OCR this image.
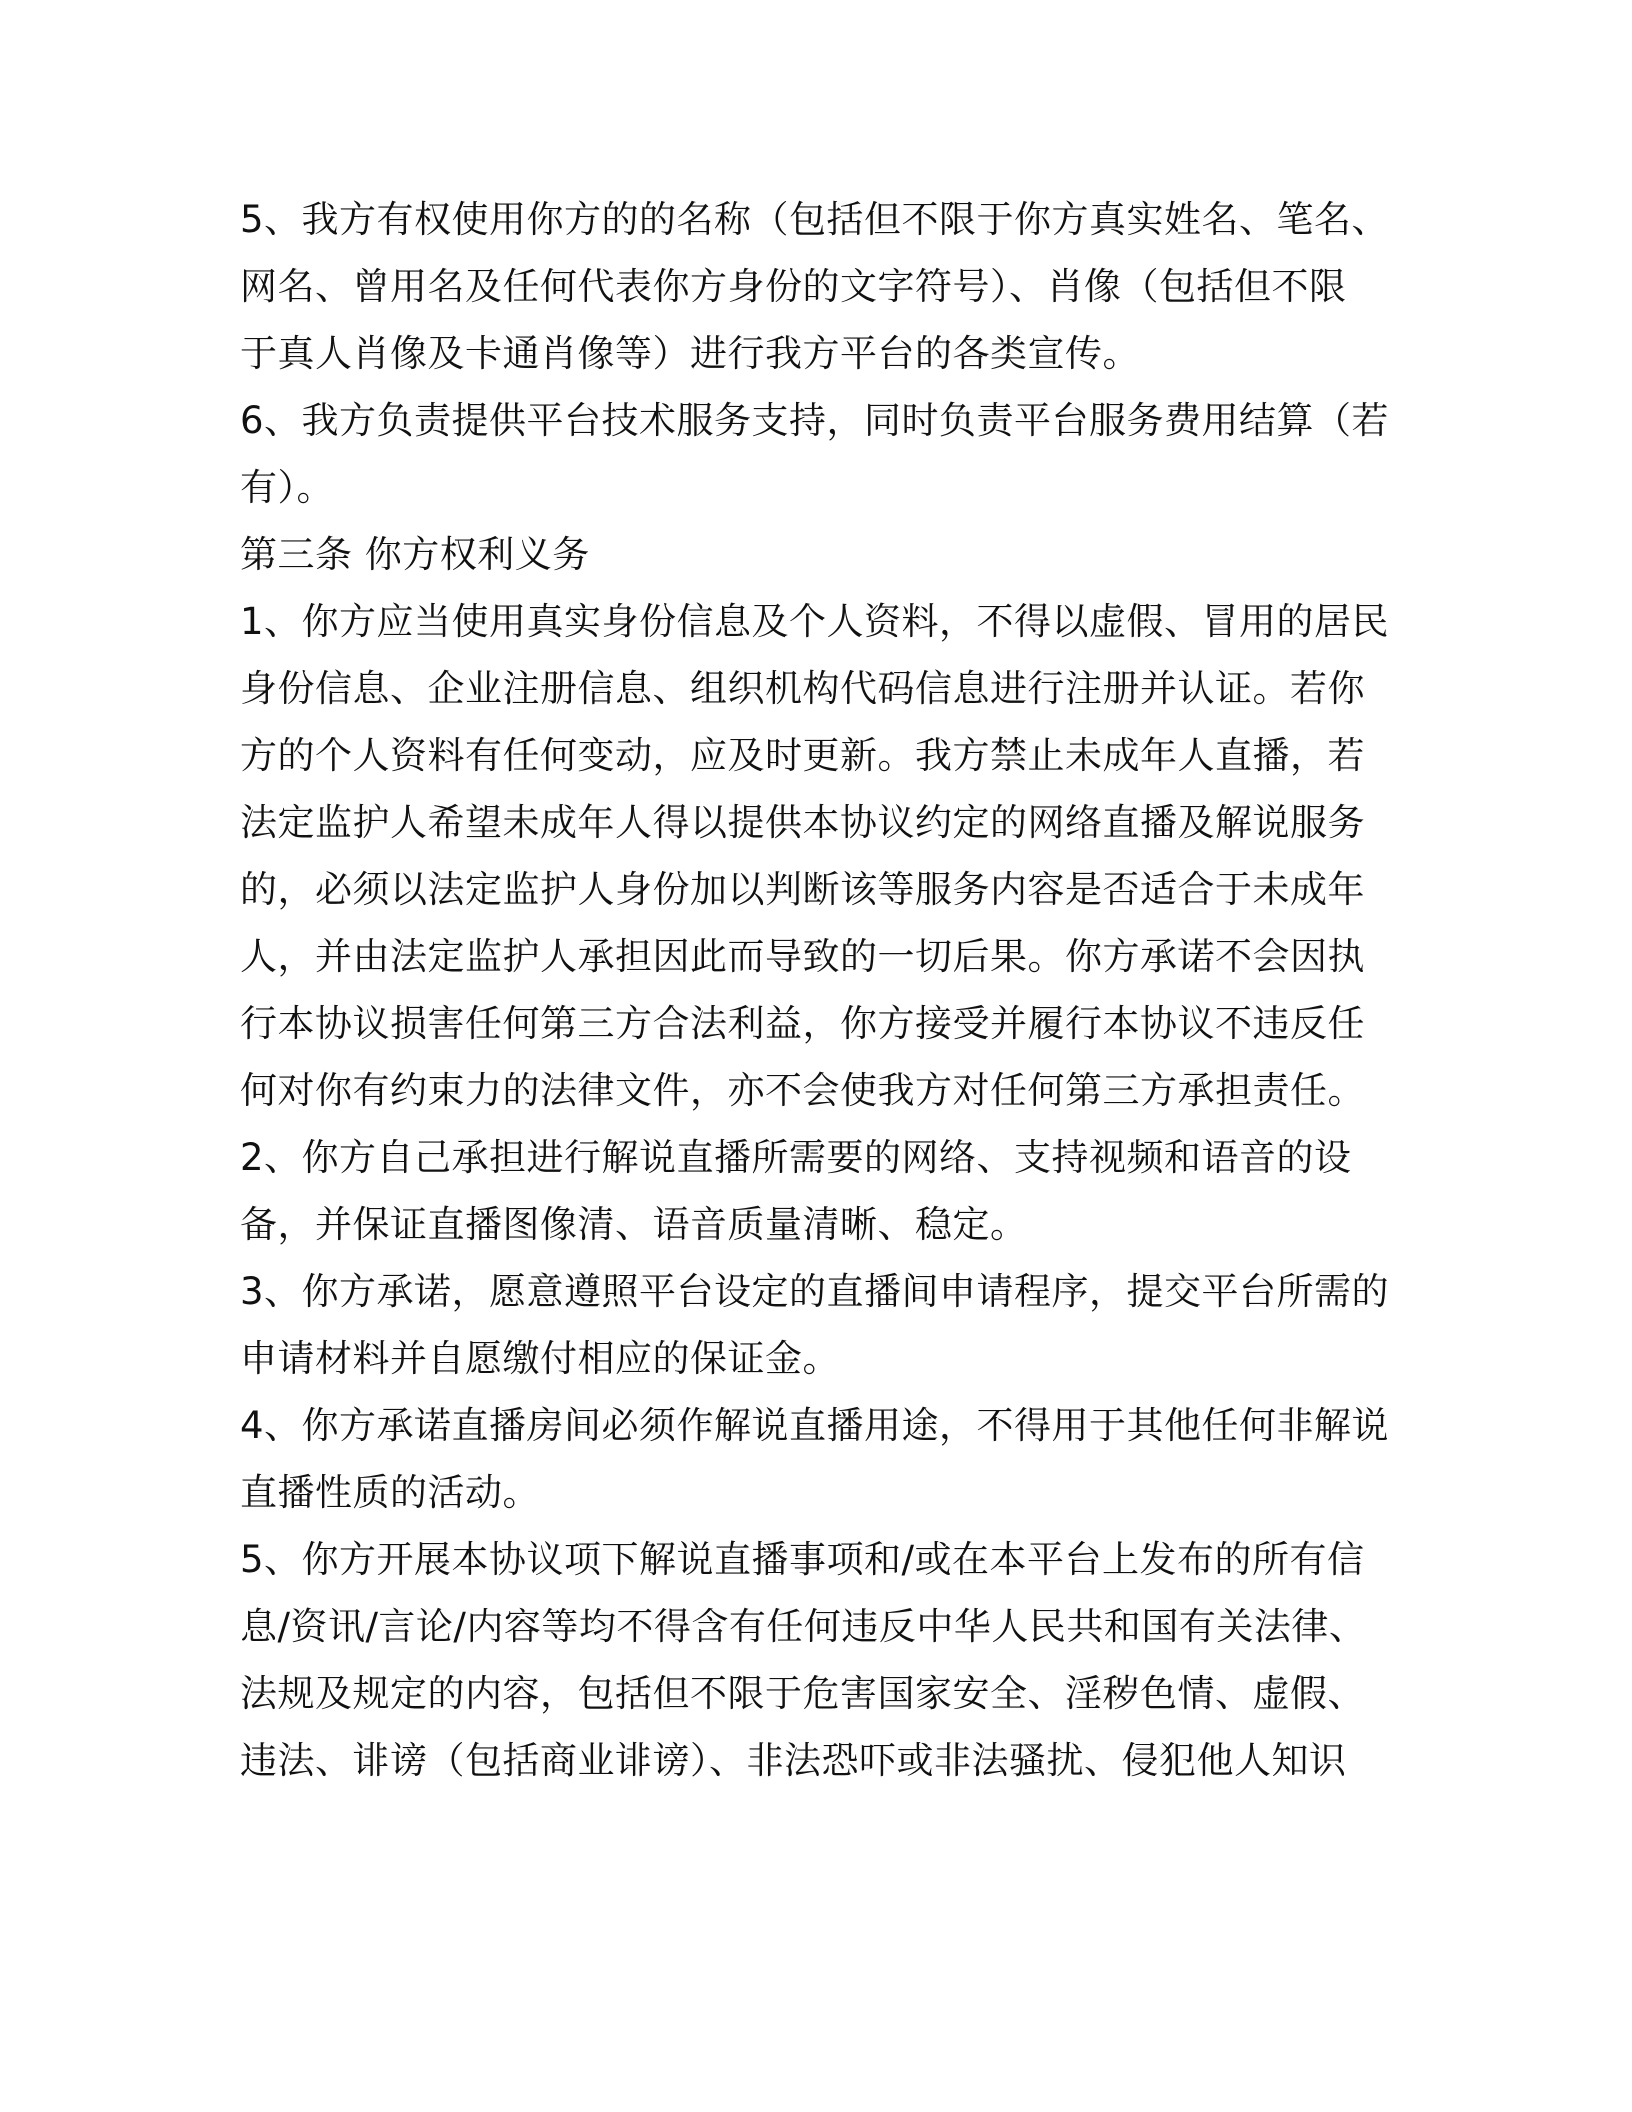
5、我方有权使用你方的的名称（包括但不限于你方真实姓名、笔名、
网名、曾用名及任何代表你方身份的文字符号）、肖像（包括但不限
于真人肖像及卡通肖像等）进行我方平台的各类宣传。
6、我方负责提供平台技术服务支持，同时负责平台服务费用结算（若
有）。
第三条 你方权利义务
1、你方应当使用真实身份信息及个人资料，不得以虚假、冒用的居民
身份信息、企业注册信息、组织机构代码信息进行注册并认证。若你
方的个人资料有任何变动，应及时更新。我方禁止未成年人直播，若
法定监护人希望未成年人得以提供本协议约定的网络直播及解说服务
的，必须以法定监护人身份加以判断该等服务内容是否适合于未成年
人，并由法定监护人承担因此而导致的一切后果。你方承诺不会因执
行本协议损害任何第三方合法利益，你方接受并履行本协议不违反任
何对你有约束力的法律文件，亦不会使我方对任何第三方承担责任。
2、你方自己承担进行解说直播所需要的网络、支持视频和语音的设
备，并保证直播图像清、语音质量清晰、稳定。
3、你方承诺，愿意遵照平台设定的直播间申请程序，提交平台所需的
申请材料并自愿缴付相应的保证金。
4、你方承诺直播房间必须作解说直播用途，不得用于其他任何非解说
直播性质的活动。
5、你方开展本协议项下解说直播事项和/或在本平台上发布的所有信
息/资讯/言论/内容等均不得含有任何违反中华人民共和国有关法律、
法规及规定的内容，包括但不限于危害国家安全、淫秽色情、虚假、
违法、诽谤（包括商业诽谤）、非法恐吓或非法骚扰、侵犯他人知识
